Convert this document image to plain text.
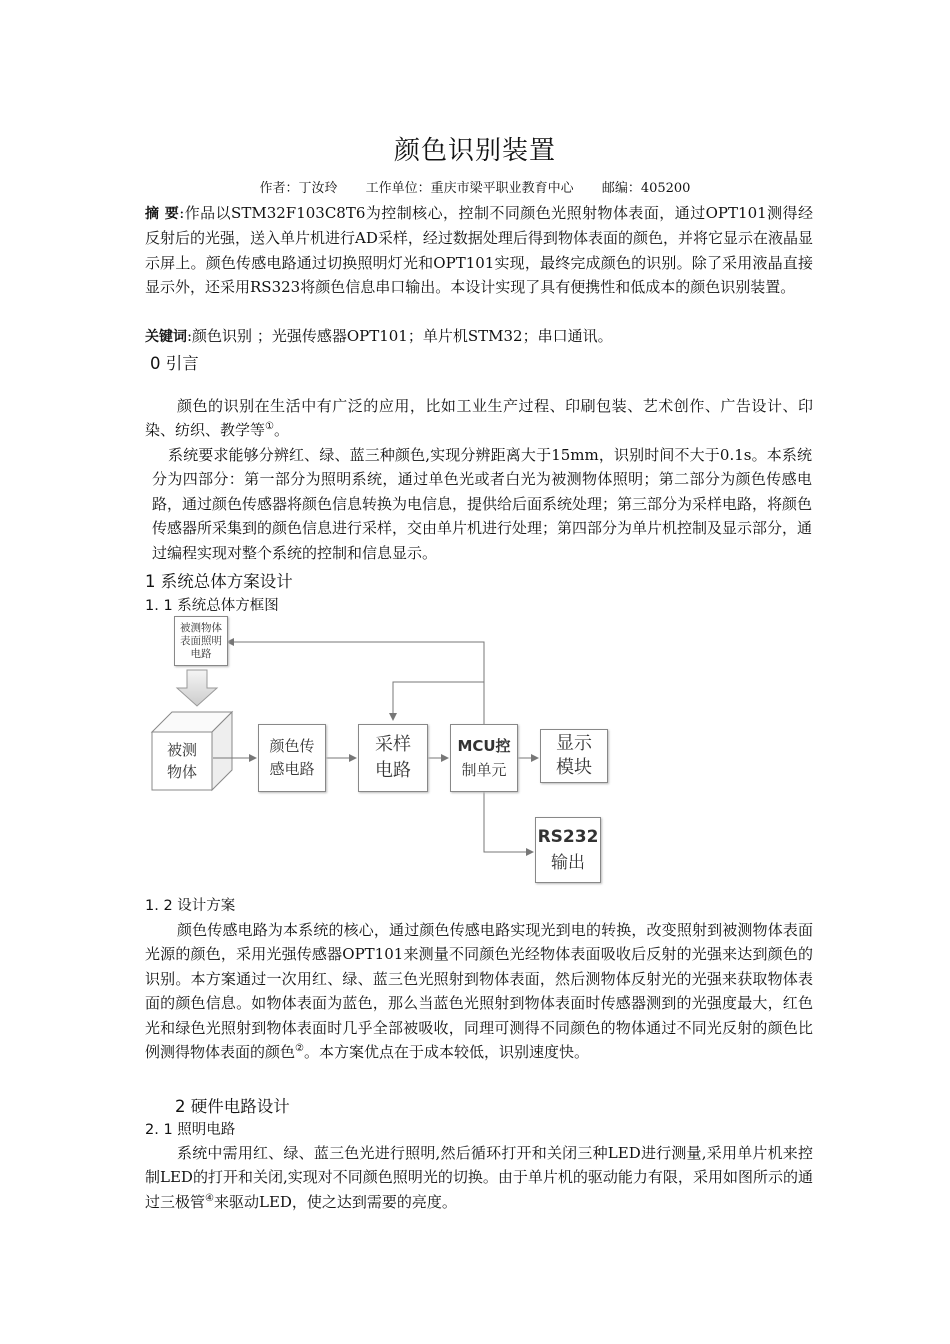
颜色识别装置
作者：丁汝玲 工作单位：重庆市梁平职业教育中心 邮编：405200
摘 要:作品以STM32F103C8T6为控制核心，控制不同颜色光照射物体表面，通过OPT101测得经反射后的光强，送入单片机进行AD采样，经过数据处理后得到物体表面的颜色，并将它显示在液晶显示屏上。颜色传感电路通过切换照明灯光和OPT101实现，最终完成颜色的识别。除了采用液晶直接显示外，还采用RS323将颜色信息串口输出。本设计实现了具有便携性和低成本的颜色识别装置。
关键词:颜色识别 ；光强传感器OPT101；单片机STM32；串口通讯。
0 引言
颜色的识别在生活中有广泛的应用，比如工业生产过程、印刷包装、艺术创作、广告设计、印染、纺织、教学等①。
系统要求能够分辨红、绿、蓝三种颜色,实现分辨距离大于15mm，识别时间不大于0.1s。本系统分为四部分：第一部分为照明系统，通过单色光或者白光为被测物体照明；第二部分为颜色传感电路，通过颜色传感器将颜色信息转换为电信息，提供给后面系统处理；第三部分为采样电路，将颜色传感器所采集到的颜色信息进行采样，交由单片机进行处理；第四部分为单片机控制及显示部分，通过编程实现对整个系统的控制和信息显示。
1 系统总体方案设计
1. 1 系统总体方框图
被测物体
表面照明
电路
被测
物体
颜色传
感电路
采样
电路
MCU控
制单元
显示
模块
RS232
输出
1. 2 设计方案
颜色传感电路为本系统的核心，通过颜色传感电路实现光到电的转换，改变照射到被测物体表面光源的颜色，采用光强传感器OPT101来测量不同颜色光经物体表面吸收后反射的光强来达到颜色的识别。本方案通过一次用红、绿、蓝三色光照射到物体表面，然后测物体反射光的光强来获取物体表面的颜色信息。如物体表面为蓝色，那么当蓝色光照射到物体表面时传感器测到的光强度最大，红色光和绿色光照射到物体表面时几乎全部被吸收，同理可测得不同颜色的物体通过不同光反射的颜色比例测得物体表面的颜色②。本方案优点在于成本较低，识别速度快。
2 硬件电路设计
2. 1 照明电路
系统中需用红、绿、蓝三色光进行照明,然后循环打开和关闭三种LED进行测量,采用单片机来控制LED的打开和关闭,实现对不同颜色照明光的切换。由于单片机的驱动能力有限，采用如图所示的通过三极管④来驱动LED，使之达到需要的亮度。
